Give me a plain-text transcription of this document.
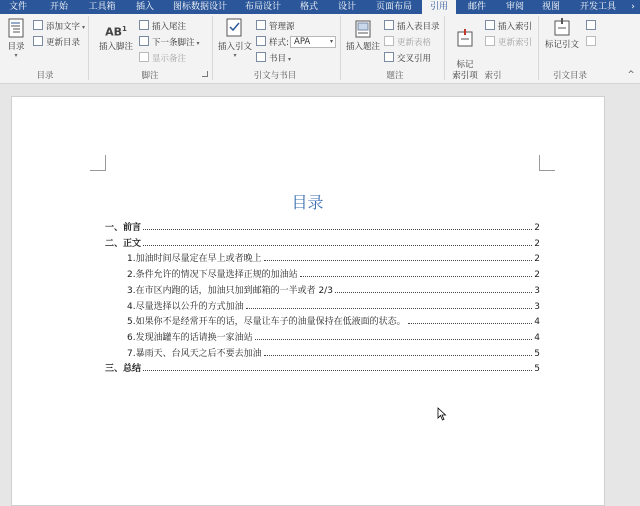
文件	开始	工具箱	插入	图标数据设计	布局设计	格式	设计	页面布局	引用	邮件	审阅	视图	开发工具	›
目录
▾
添加文字 ▾
更新目录
目录
$AB^1$
插入脚注
插入尾注
下一条脚注 ▾
显示备注
脚注
插入引文
▾
管理源
样式: APA	▾
书目 ▾
引文与书目
插入题注
插入表目录
更新表格
交叉引用
题注

标记
索引项

插入索引
更新索引
索引
标记引文
引文目录	^
目录
一、前言	2
二、正文	2
1.加油时间尽量定在早上或者晚上	2
2.条件允许的情况下尽量选择正规的加油站	2
3.在市区内跑的话，加油只加到邮箱的一半或者 2/3	3
4.尽量选择以公升的方式加油	3
5.如果你不是经常开车的话，尽量让车子的油量保持在低液面的状态。	4
6.发现油罐车的话请换一家油站	4
7.暴雨天、台风天之后不要去加油	5
三、总结	5
